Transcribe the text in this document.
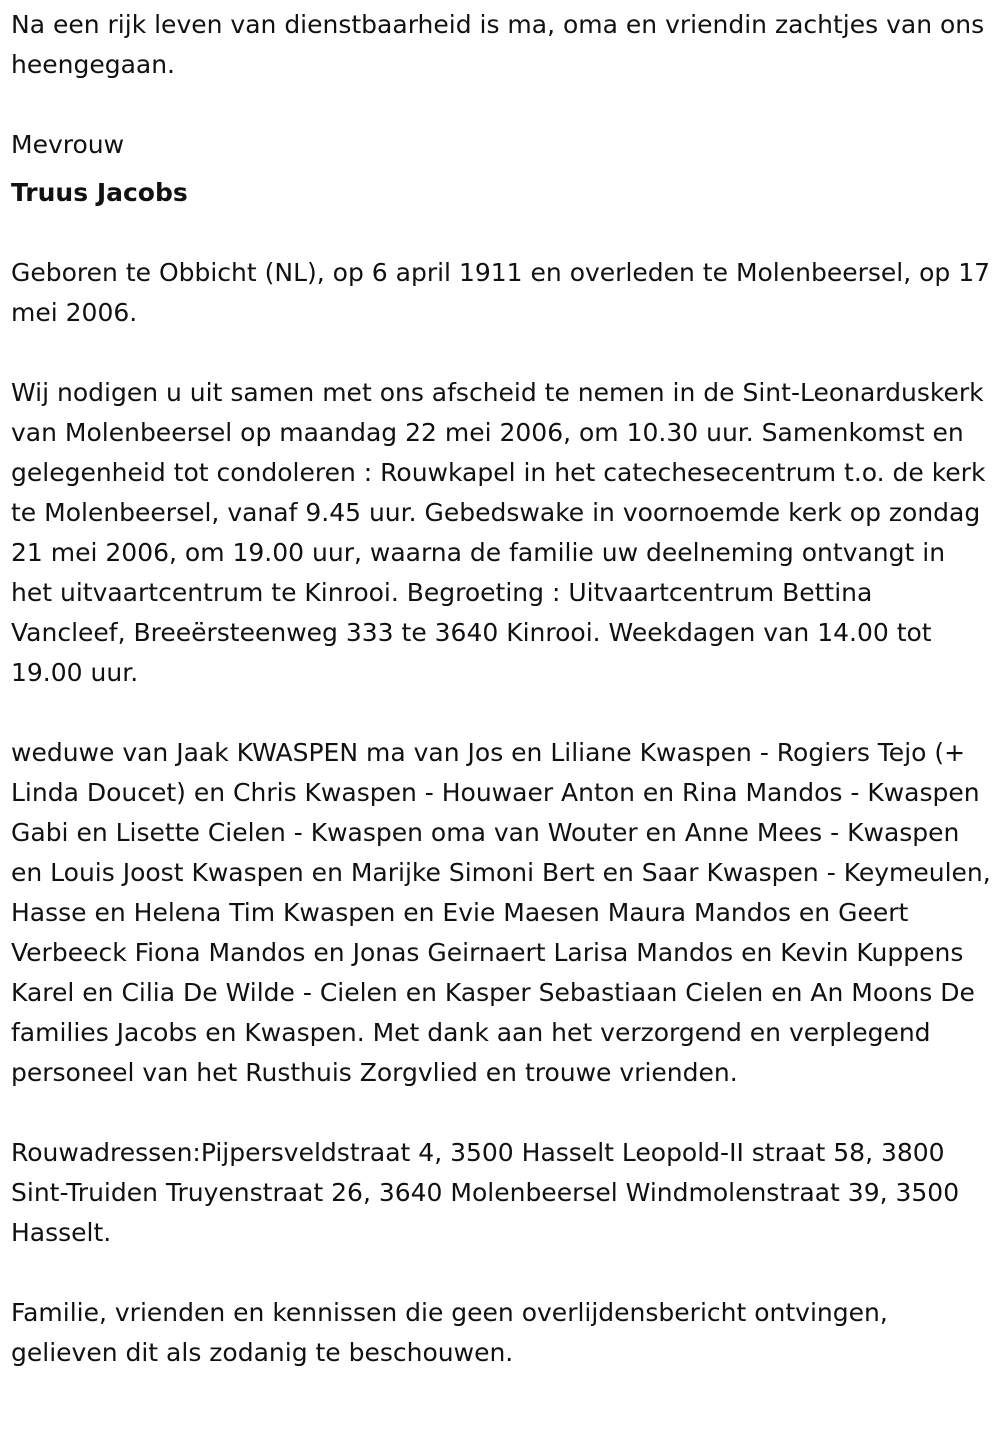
Na een rijk leven van dienstbaarheid is ma, oma en vriendin zachtjes van ons heengegaan.

Mevrouw

Truus Jacobs

Geboren te Obbicht (NL), op 6 april 1911 en overleden te Molenbeersel, op 17 mei 2006.

Wij nodigen u uit samen met ons afscheid te nemen in de Sint-Leonarduskerk van Molenbeersel op maandag 22 mei 2006, om 10.30 uur. Samenkomst en gelegenheid tot condoleren : Rouwkapel in het catechesecentrum t.o. de kerk te Molenbeersel, vanaf 9.45 uur. Gebedswake in voornoemde kerk op zondag 21 mei 2006, om 19.00 uur, waarna de familie uw deelneming ontvangt in het uitvaartcentrum te Kinrooi. Begroeting : Uitvaartcentrum Bettina Vancleef, Breeërsteenweg 333 te 3640 Kinrooi. Weekdagen van 14.00 tot 19.00 uur.

weduwe van Jaak KWASPEN ma van Jos en Liliane Kwaspen - Rogiers Tejo (+ Linda Doucet) en Chris Kwaspen - Houwaer Anton en Rina Mandos - Kwaspen Gabi en Lisette Cielen - Kwaspen oma van Wouter en Anne Mees - Kwaspen en Louis Joost Kwaspen en Marijke Simoni Bert en Saar Kwaspen - Keymeulen, Hasse en Helena Tim Kwaspen en Evie Maesen Maura Mandos en Geert Verbeeck Fiona Mandos en Jonas Geirnaert Larisa Mandos en Kevin Kuppens Karel en Cilia De Wilde - Cielen en Kasper Sebastiaan Cielen en An Moons De families Jacobs en Kwaspen. Met dank aan het verzorgend en verplegend personeel van het Rusthuis Zorgvlied en trouwe vrienden.

Rouwadressen:Pijpersveldstraat 4, 3500 Hasselt Leopold-II straat 58, 3800 Sint-Truiden Truyenstraat 26, 3640 Molenbeersel Windmolenstraat 39, 3500 Hasselt.

Familie, vrienden en kennissen die geen overlijdensbericht ontvingen, gelieven dit als zodanig te beschouwen.
